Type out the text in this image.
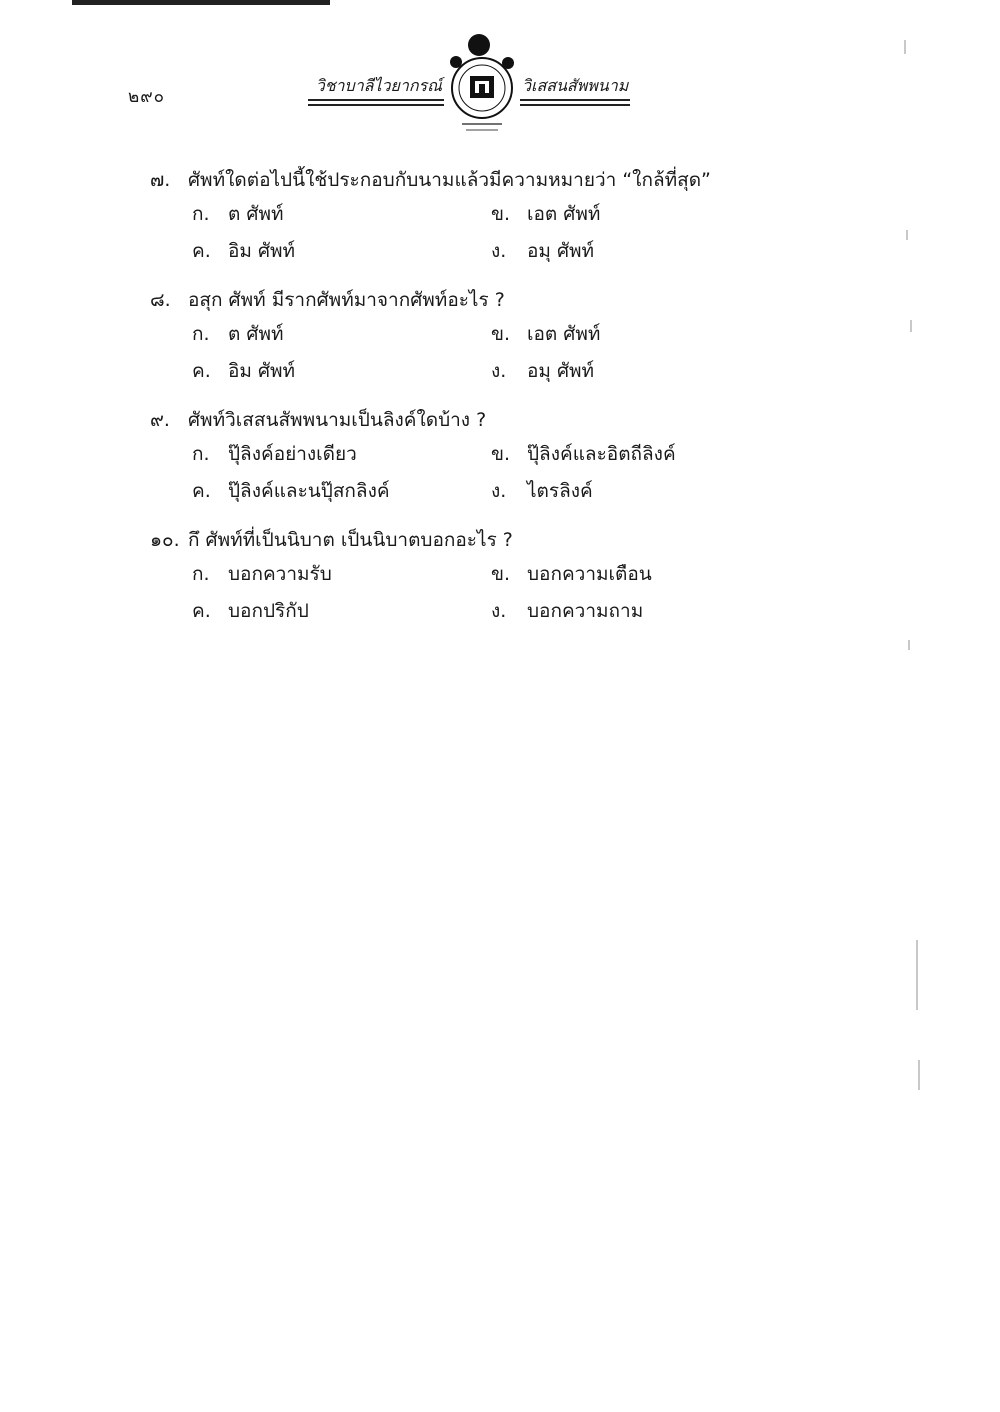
๒๙๐
วิชาบาลีไวยากรณ์	วิเสสนสัพพนาม
๗. ศัพท์ใดต่อไปนี้ใช้ประกอบกับนามแล้วมีความหมายว่า “ใกล้ที่สุด”
ก. ต ศัพท์	ข. เอต ศัพท์
ค. อิม ศัพท์	ง.	อมุ ศัพท์
๘. อสุก ศัพท์ มีรากศัพท์มาจากศัพท์อะไร ?
ก. ต ศัพท์	ข. เอต ศัพท์
ค. อิม ศัพท์	ง.	อมุ ศัพท์
๙. ศัพท์วิเสสนสัพพนามเป็นลิงค์ใดบ้าง ?
ก. ปุ๊ลิงค์อย่างเดียว	ข. ปุ๊ลิงค์และอิตถีลิงค์
ค. ปุ๊ลิงค์และนปุ๊สกลิงค์	ง.	ไตรลิงค์
๑๐. กึ ศัพท์ที่เป็นนิบาต เป็นนิบาตบอกอะไร ?
ก. บอกความรับ	ข. บอกความเตือน
ค. บอกปริกัป	ง.	บอกความถาม
